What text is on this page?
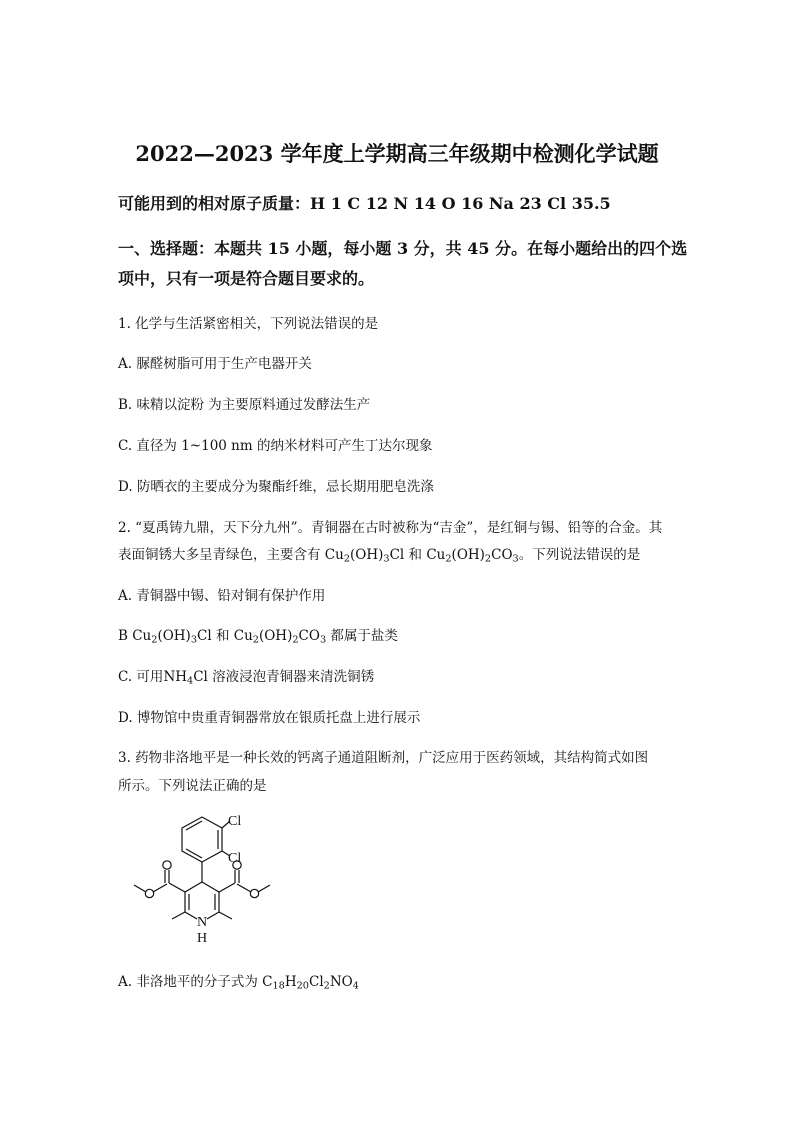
2022—2023 学年度上学期高三年级期中检测化学试题
可能用到的相对原子质量：H 1 C 12 N 14 O 16 Na 23 Cl 35.5
一、选择题：本题共 15 小题，每小题 3 分，共 45 分。在每小题给出的四个选
项中，只有一项是符合题目要求的。
1. 化学与生活紧密相关，下列说法错误的是
A. 脲醛树脂可用于生产电器开关
B. 味精以淀粉 为主要原料通过发酵法生产
C. 直径为 1~100 nm 的纳米材料可产生丁达尔现象
D. 防晒衣的主要成分为聚酯纤维，忌长期用肥皂洗涤
2. “夏禹铸九鼎，天下分九州”。青铜器在古时被称为“吉金”，是红铜与锡、铅等的合金。其
表面铜锈大多呈青绿色，主要含有 $Cu_2(OH)_3Cl$ 和 $Cu_2(OH)_2CO_3$。下列说法错误的是
A. 青铜器中锡、铅对铜有保护作用
B $Cu_2(OH)_3Cl$ 和 $Cu_2(OH)_2CO_3$ 都属于盐类
C. 可用$NH_4Cl$ 溶液浸泡青铜器来清洗铜锈
D. 博物馆中贵重青铜器常放在银质托盘上进行展示
3. 药物非洛地平是一种长效的钙离子通道阻断剂，广泛应用于医药领域，其结构简式如图
所示。下列说法正确的是
Cl
Cl
N
H
A. 非洛地平的分子式为 $C_{18}H_{20}Cl_2NO_4$
